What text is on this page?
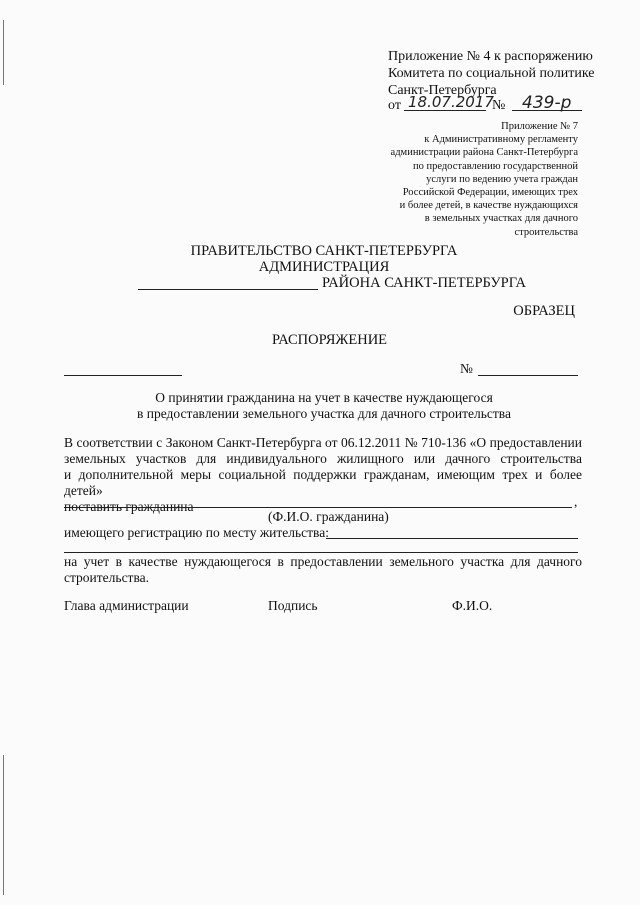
Приложение № 4 к распоряжению
Комитета по социальной политике
Санкт-Петербурга
от 18.07.2017
№ 439-р
Приложение № 7
к Административному регламенту
администрации района Санкт-Петербурга
по предоставлению государственной
услуги по ведению учета граждан
Российской Федерации, имеющих трех
и более детей, в качестве нуждающихся
в земельных участках для дачного
строительства
ПРАВИТЕЛЬСТВО САНКТ-ПЕТЕРБУРГА
АДМИНИСТРАЦИЯ
РАЙОНА САНКТ-ПЕТЕРБУРГА
ОБРАЗЕЦ
РАСПОРЯЖЕНИЕ
№
О принятии гражданина на учет в качестве нуждающегося
в предоставлении земельного участка для дачного строительства
В соответствии с Законом Санкт-Петербурга от 06.12.2011 № 710-136 «О предоставлении
земельных участков для индивидуального жилищного или дачного строительства
и дополнительной меры социальной поддержки гражданам, имеющим трех и более детей»
поставить гражданина	,
(Ф.И.О. гражданина)
имеющего регистрацию по месту жительства:
на учет в качестве нуждающегося в предоставлении земельного участка для дачного
строительства.
Глава администрации	Подпись	Ф.И.О.
